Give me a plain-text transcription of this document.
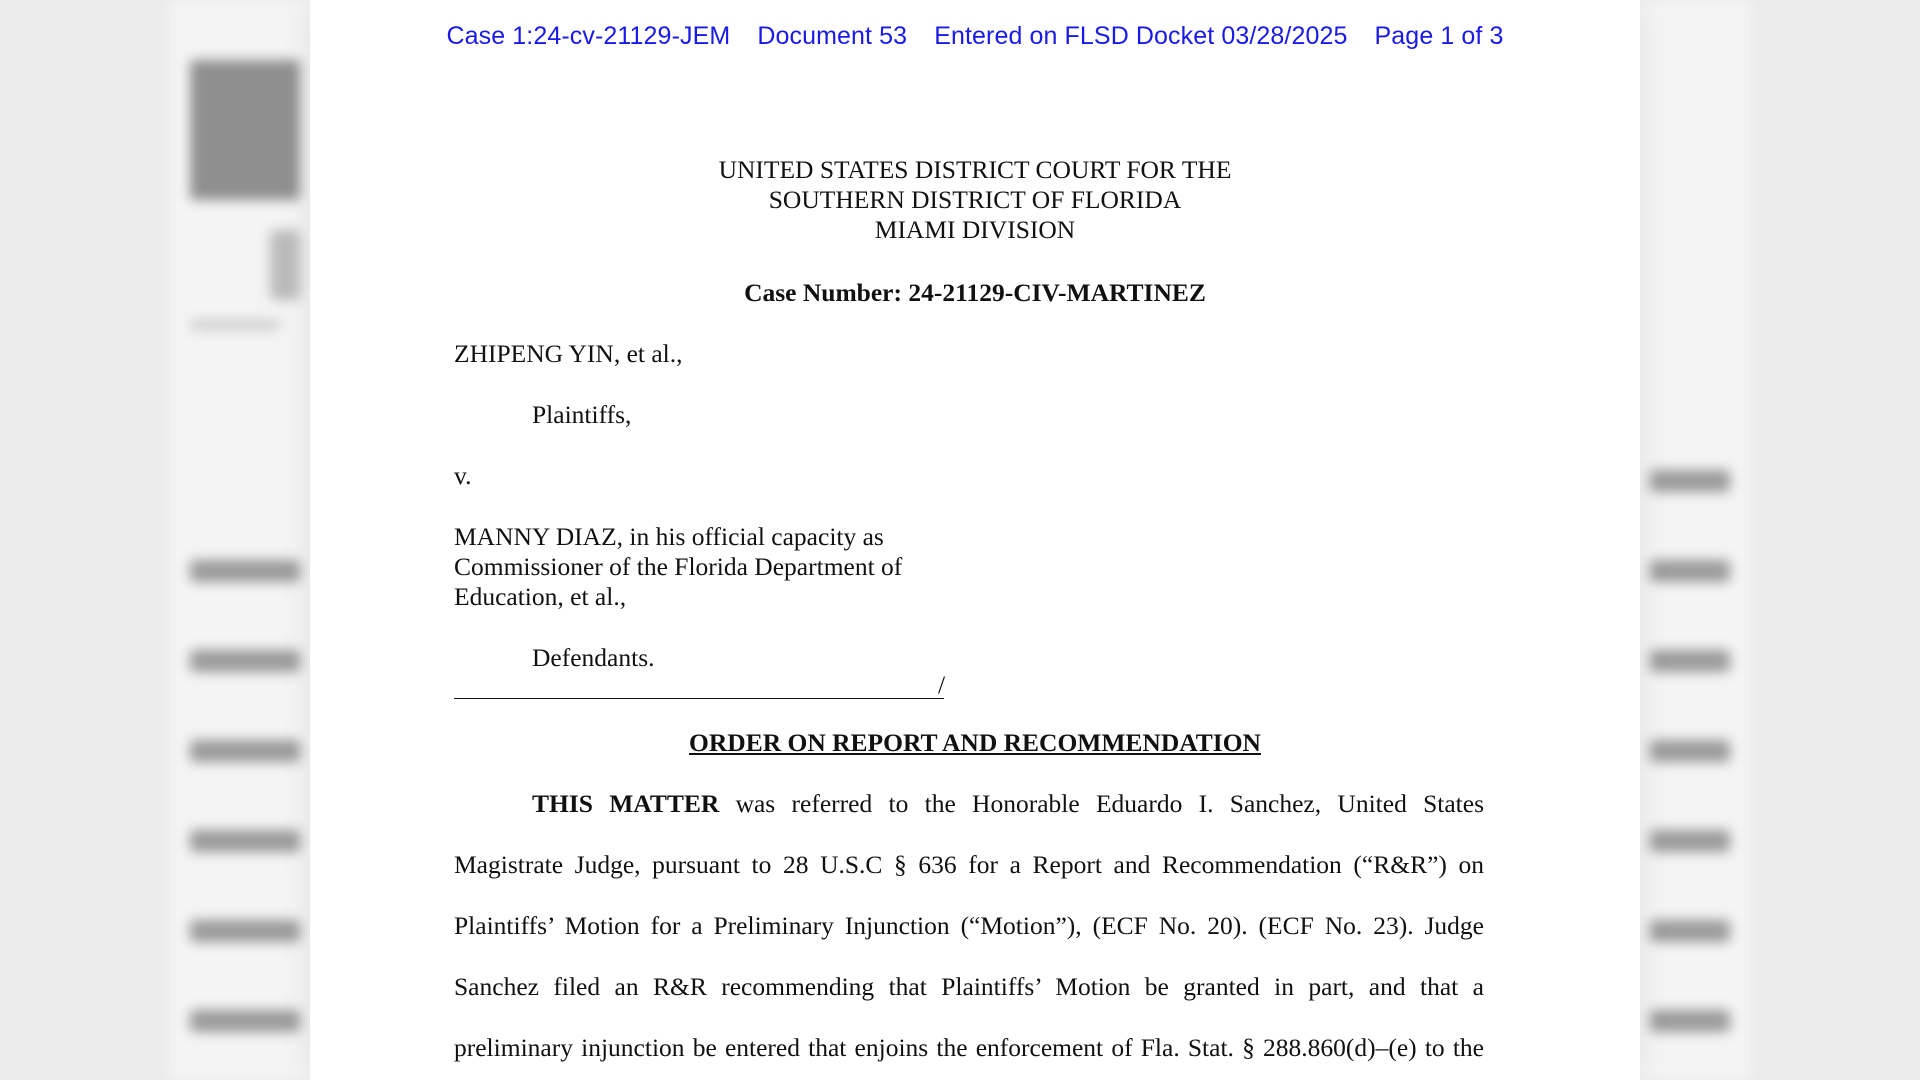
Case 1:24-cv-21129-JEM Document 53 Entered on FLSD Docket 03/28/2025 Page 1 of 3
UNITED STATES DISTRICT COURT FOR THE
SOUTHERN DISTRICT OF FLORIDA
MIAMI DIVISION
Case Number: 24-21129-CIV-MARTINEZ
ZHIPENG YIN, et al.,
Plaintiffs,
v.
MANNY DIAZ, in his official capacity as
Commissioner of the Florida Department of
Education, et al.,
Defendants.
/
ORDER ON REPORT AND RECOMMENDATION
THIS MATTER was referred to the Honorable Eduardo I. Sanchez, United States
Magistrate Judge, pursuant to 28 U.S.C § 636 for a Report and Recommendation (“R&R”) on
Plaintiffs’ Motion for a Preliminary Injunction (“Motion”), (ECF No. 20). (ECF No. 23). Judge
Sanchez filed an R&R recommending that Plaintiffs’ Motion be granted in part, and that a
preliminary injunction be entered that enjoins the enforcement of Fla. Stat. § 288.860(d)–(e) to the
